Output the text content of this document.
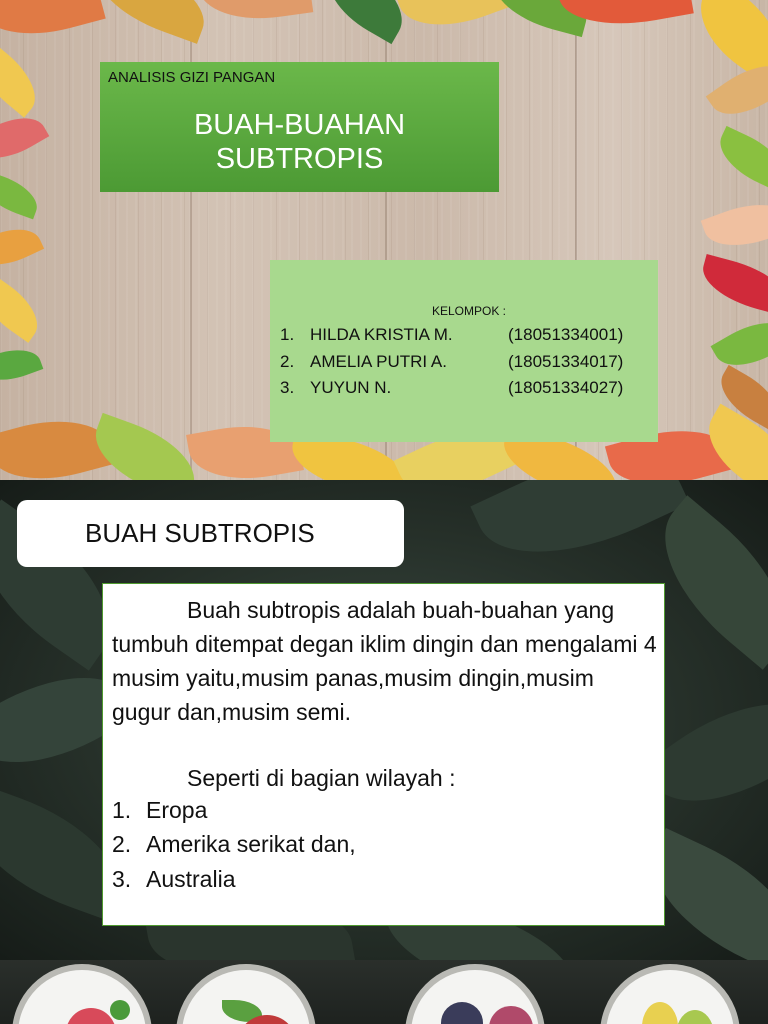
ANALISIS GIZI PANGAN
BUAH-BUAHAN
SUBTROPIS
KELOMPOK :
1. HILDA KRISTIA M.	(18051334001)
2. AMELIA PUTRI A.	(18051334017)
3. YUYUN N.	(18051334027)
BUAH SUBTROPIS
Buah subtropis adalah buah-buahan yang tumbuh ditempat degan iklim dingin dan mengalami 4 musim yaitu,musim panas,musim dingin,musim gugur dan,musim semi.
Seperti di bagian wilayah :
1. Eropa
2. Amerika serikat dan,
3. Australia
